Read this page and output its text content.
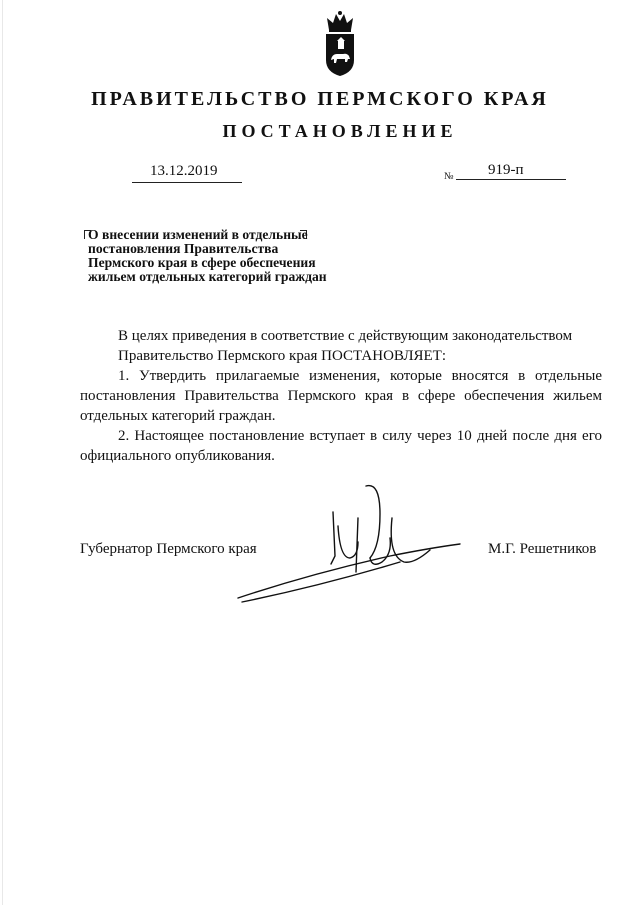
ПРАВИТЕЛЬСТВО ПЕРМСКОГО КРАЯ
ПОСТАНОВЛЕНИЕ
13.12.2019	№ 919-п
О внесении изменений в отдельные
постановления Правительства
Пермского края в сфере обеспечения
жильем отдельных категорий граждан
В целях приведения в соответствие с действующим законодательством
Правительство Пермского края ПОСТАНОВЛЯЕТ:
1. Утвердить прилагаемые изменения, которые вносятся в отдельные постановления Правительства Пермского края в сфере обеспечения жильем отдельных категорий граждан.
2. Настоящее постановление вступает в силу через 10 дней после дня его официального опубликования.
Губернатор Пермского края	М.Г. Решетников
